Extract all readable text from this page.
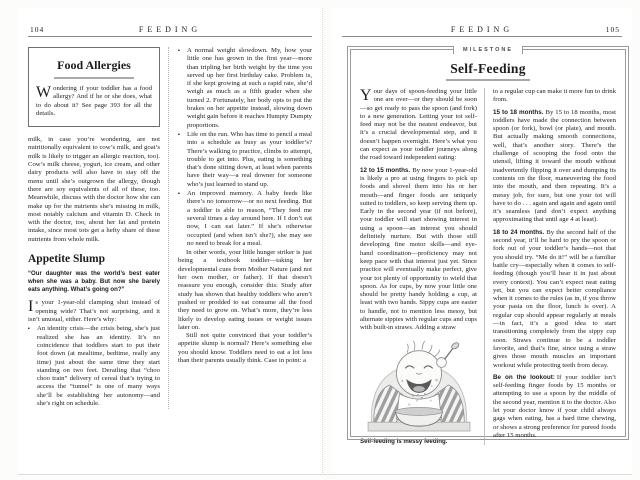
104	FEEDING
Food Allergies

Wondering if your toddler has a food allergy? And if he or she does, what to do about it? See page 393 for all the details.

milk, in case you’re wondering, are not nutritionally equivalent to cow’s milk, and goat’s milk is likely to trigger an allergic reaction, too). Cow’s milk cheese, yogurt, ice cream, and other dairy products will also have to stay off the menu until she’s outgrown the allergy, though there are soy equivalents of all of these, too. Meanwhile, discuss with the doctor how she can make up for the nutrients she’s missing in milk, most notably calcium and vitamin D. Check in with the doctor, too, about her fat and protein intake, since most tots get a hefty share of these nutrients from whole milk.

Appetite Slump

“Our daughter was the world’s best eater when she was a baby. But now she barely eats anything. What’s going on?”

Is your 1-year-old clamping shut instead of opening wide? That’s not surprising, and it isn’t unusual, either. Here’s why:

▪ An identity crisis—the crisis being, she’s just realized she has an identity. It’s no coincidence that toddlers start to put their foot down (at mealtime, bedtime, really any time) just about the same time they start standing on two feet. Derailing that “choo choo train” delivery of cereal that’s trying to access the “tunnel” is one of many ways she’ll be establishing her autonomy—and she’s right on schedule.

▪ A normal weight slowdown. My, how your little one has grown in the first year—more than tripling her birth weight by the time you served up her first birthday cake. Problem is, if she kept growing at such a rapid rate, she’d weigh as much as a fifth grader when she turned 2. Fortunately, her body opts to put the brakes on her appetite instead, slowing down weight gain before it reaches Humpty Dumpty proportions.

▪ Life on the run. Who has time to pencil a meal into a schedule as busy as your toddler’s? There’s walking to practice, climbs to attempt, trouble to get into. Plus, eating is something that’s done sitting down, at least when parents have their way—a real downer for someone who’s just learned to stand up.

▪ An improved memory. A baby feeds like there’s no tomorrow—or no next feeding. But a toddler is able to reason, “They feed me several times a day around here. If I don’t eat now, I can eat later.” If she’s otherwise occupied (and when isn’t she?), she may see no need to break for a meal.

In other words, your little hunger striker is just being a textbook toddler—taking her developmental cues from Mother Nature (and not her own mother, or father). If that doesn’t reassure you enough, consider this: Study after study has shown that healthy toddlers who aren’t pushed or prodded to eat consume all the food they need to grow on. What’s more, they’re less likely to develop eating issues or weight issues later on.

Still not quite convinced that your toddler’s appetite slump is normal? Here’s something else you should know. Toddlers need to eat a lot less than their parents usually think. Case in point: a

FEEDING	105
MILESTONE
Self-Feeding

Your days of spoon-feeding your little one are over—or they should be soon—so get ready to pass the spoon (and fork) to a new generation. Letting your tot self-feed may not be the neatest endeavor, but it’s a crucial developmental step, and it doesn’t happen overnight. Here’s what you can expect as your toddler journeys along the road toward independent eating:

12 to 15 months. By now your 1-year-old is likely a pro at using fingers to pick up foods and shovel them into his or her mouth—and finger foods are uniquely suited to toddlers, so keep serving them up. Early in the second year (if not before), your toddler will start showing interest in using a spoon—an interest you should definitely nurture. But with those still developing fine motor skills—and eye-hand coordination—proficiency may not keep pace with that interest just yet. Since practice will eventually make perfect, give your tot plenty of opportunity to wield that spoon. As for cups, by now your little one should be pretty handy holding a cup, at least with two hands. Sippy cups are easier to handle, not to mention less messy, but alternate sippies with regular cups and cups with built-in straws. Adding a straw

Self-feeding is messy feeding.

to a regular cup can make it more fun to drink from.

15 to 18 months. By 15 to 18 months, most toddlers have made the connection between spoon (or fork), bowl (or plate), and mouth. But actually making smooth connections, well, that’s another story. There’s the challenge of scooping the food onto the utensil, lifting it toward the mouth without inadvertently flipping it over and dumping its contents on the floor, maneuvering the food into the mouth, and then repeating. It’s a messy job, for sure, but one your tot will have to do . . . again and again and again until it’s seamless (and don’t expect anything approximating that until age 4 at least).

18 to 24 months. By the second half of the second year, it’ll be hard to pry the spoon or fork out of your toddler’s hands—not that you should try. “Me do it!” will be a familiar battle cry—especially when it comes to self-feeding (though you’ll hear it in just about every context). You can’t expect neat eating yet, but you can expect better compliance when it comes to the rules (as in, if you throw your pasta on the floor, lunch is over). A regular cup should appear regularly at meals—in fact, it’s a good idea to start transitioning completely from the sippy cup soon. Straws continue to be a toddler favorite, and that’s fine, since using a straw gives those mouth muscles an important workout while protecting teeth from decay.

Be on the lookout: If your toddler isn’t self-feeding finger foods by 15 months or attempting to use a spoon by the middle of the second year, mention it to the doctor. Also let your doctor know if your child always gags when eating, has a hard time chewing, or shows a strong preference for pureed foods after 15 months.
